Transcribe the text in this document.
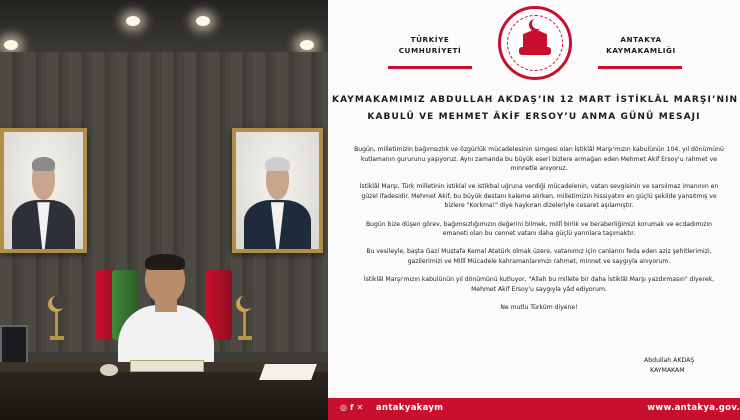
TÜRKİYE
CUMHURİYETİ
ANTAKYA
KAYMAKAMLIĞI
KAYMAKAMIMIZ ABDULLAH AKDAŞ’IN 12 MART İSTİKLÂL MARŞI’NIN
KABULÜ VE MEHMET ÂKİF ERSOY’U ANMA GÜNÜ MESAJI

Bugün, milletimizin bağımsızlık ve özgürlük mücadelesinin simgesi olan İstiklâl Marşı'mızın kabulünün 104. yıl dönümünü kutlamanın gururunu yaşıyoruz. Aynı zamanda bu büyük eseri bizlere armağan eden Mehmet Akif Ersoy'u rahmet ve minnetle anıyoruz.

İstiklâl Marşı, Türk milletinin istiklal ve istikbal uğruna verdiği mücadelenin, vatan sevgisinin ve sarsılmaz imanının en güzel ifadesidir. Mehmet Akif, bu büyük destanı kaleme alırken, milletimizin hissiyatını en güçlü şekilde yansıtmış ve bizlere "Korkma!" diye haykıran dizeleriyle cesaret aşılamıştır.

Bugün bize düşen görev, bağımsızlığımızın değerini bilmek, millî birlik ve beraberliğimizi korumak ve ecdadımızın emaneti olan bu cennet vatanı daha güçlü yarınlara taşımaktır.

Bu vesileyle, başta Gazi Mustafa Kemal Atatürk olmak üzere, vatanımız için canlarını feda eden aziz şehitlerimizi, gazilerimizi ve Millî Mücadele kahramanlarımızı rahmet, minnet ve saygıyla anıyorum.

İstiklâl Marşı'mızın kabulünün yıl dönümünü kutluyor, "Allah bu millete bir daha İstiklâl Marşı yazdırmasın" diyerek, Mehmet Akif Ersoy'u saygıyla yâd ediyorum.

Ne mutlu Türküm diyene!

Abdullah AKDAŞ
KAYMAKAM
◎ f ✕ antakyakaym	www.antakya.gov.
